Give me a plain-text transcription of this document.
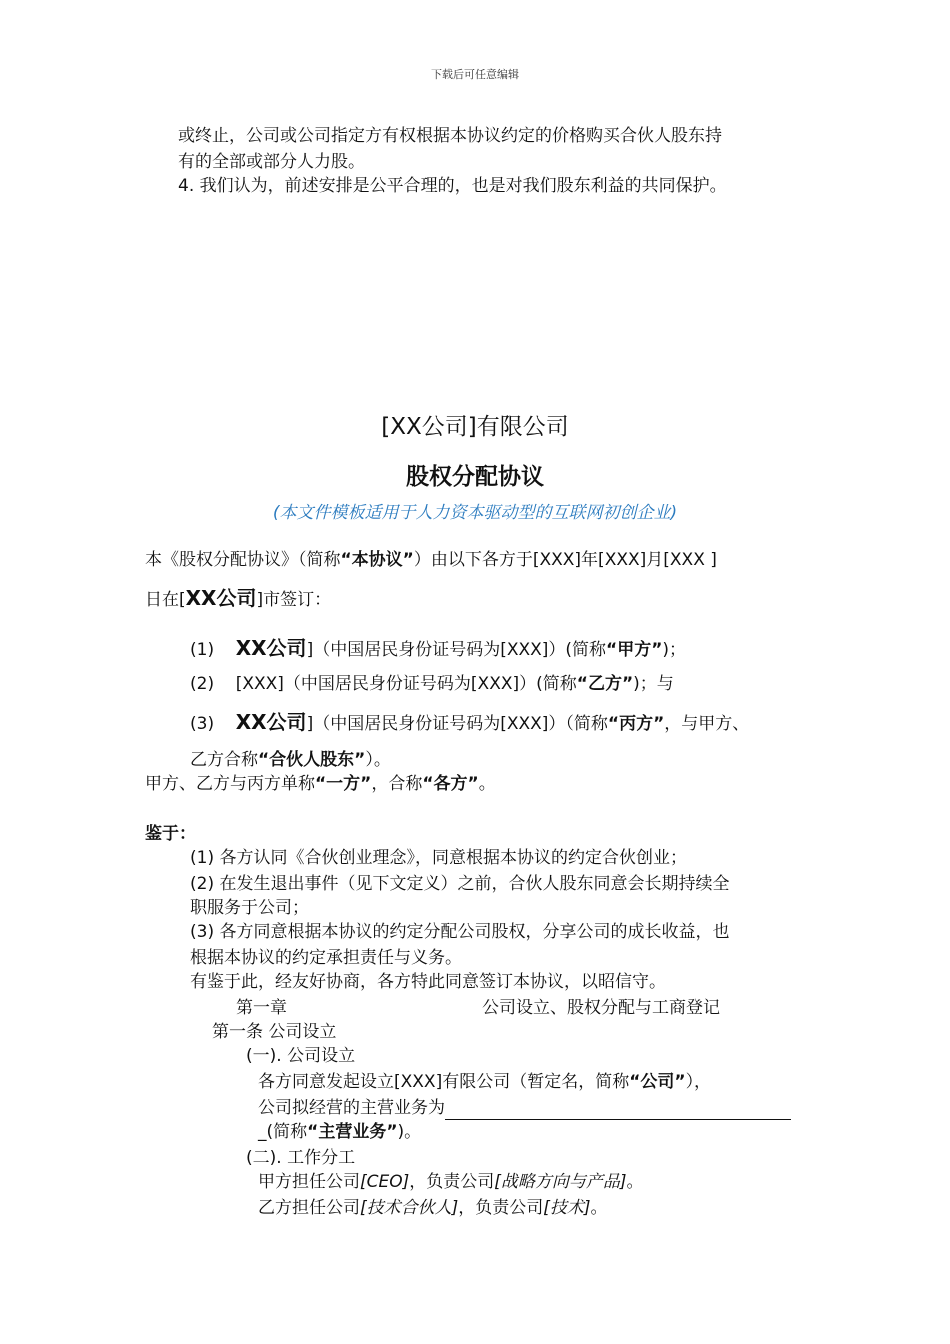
下载后可任意编辑
或终止，公司或公司指定方有权根据本协议约定的价格购买合伙人股东持
有的全部或部分人力股。
4. 我们认为，前述安排是公平合理的，也是对我们股东利益的共同保护。
[XX公司]有限公司
股权分配协议
(本文件模板适用于人力资本驱动型的互联网初创企业)
本《股权分配协议》（简称“本协议”）由以下各方于[XXX]年[XXX]月[XXX ]
日在[XX公司]市签订：
(1) XX公司]（中国居民身份证号码为[XXX]）(简称“甲方”)；
(2) [XXX]（中国居民身份证号码为[XXX]）(简称“乙方”)；与
(3) XX公司]（中国居民身份证号码为[XXX]）（简称“丙方”，与甲方、
乙方合称“合伙人股东”）。
甲方、乙方与丙方单称“一方”，合称“各方”。
鉴于：
(1) 各方认同《合伙创业理念》，同意根据本协议的约定合伙创业；
(2) 在发生退出事件（见下文定义）之前，合伙人股东同意会长期持续全
职服务于公司；
(3) 各方同意根据本协议的约定分配公司股权，分享公司的成长收益，也
根据本协议的约定承担责任与义务。
有鉴于此，经友好协商，各方特此同意签订本协议，以昭信守。
第一章	公司设立、股权分配与工商登记
第一条 公司设立
(一). 公司设立
各方同意发起设立[XXX]有限公司（暂定名，简称“公司”），
公司拟经营的主营业务为
_(简称“主营业务”)。
(二). 工作分工
甲方担任公司[CEO]，负责公司[战略方向与产品]。
乙方担任公司[技术合伙人]，负责公司[技术]。
